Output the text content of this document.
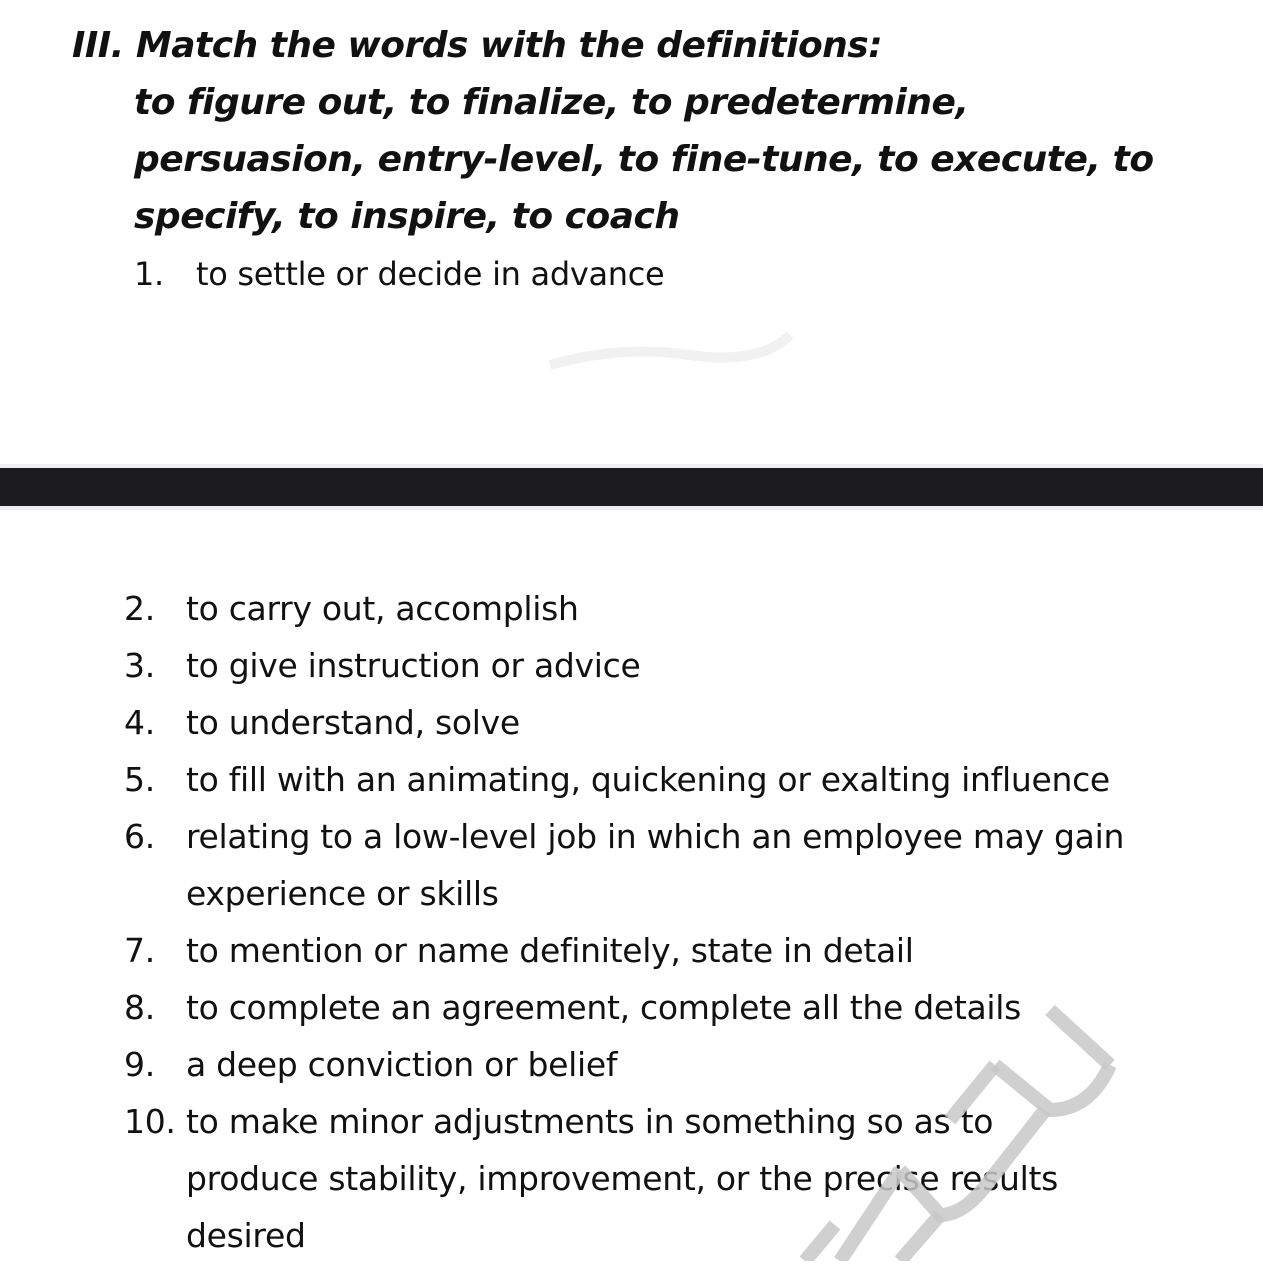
III. Match the words with the definitions:
to figure out, to finalize, to predetermine,
persuasion, entry-level, to fine-tune, to execute, to
specify, to inspire, to coach
1. to settle or decide in advance
2. to carry out, accomplish
3. to give instruction or advice
4. to understand, solve
5. to fill with an animating, quickening or exalting influence
6. relating to a low-level job in which an employee may gain
experience or skills
7. to mention or name definitely, state in detail
8. to complete an agreement, complete all the details
9. a deep conviction or belief
10. to make minor adjustments in something so as to
produce stability, improvement, or the precise results
desired
